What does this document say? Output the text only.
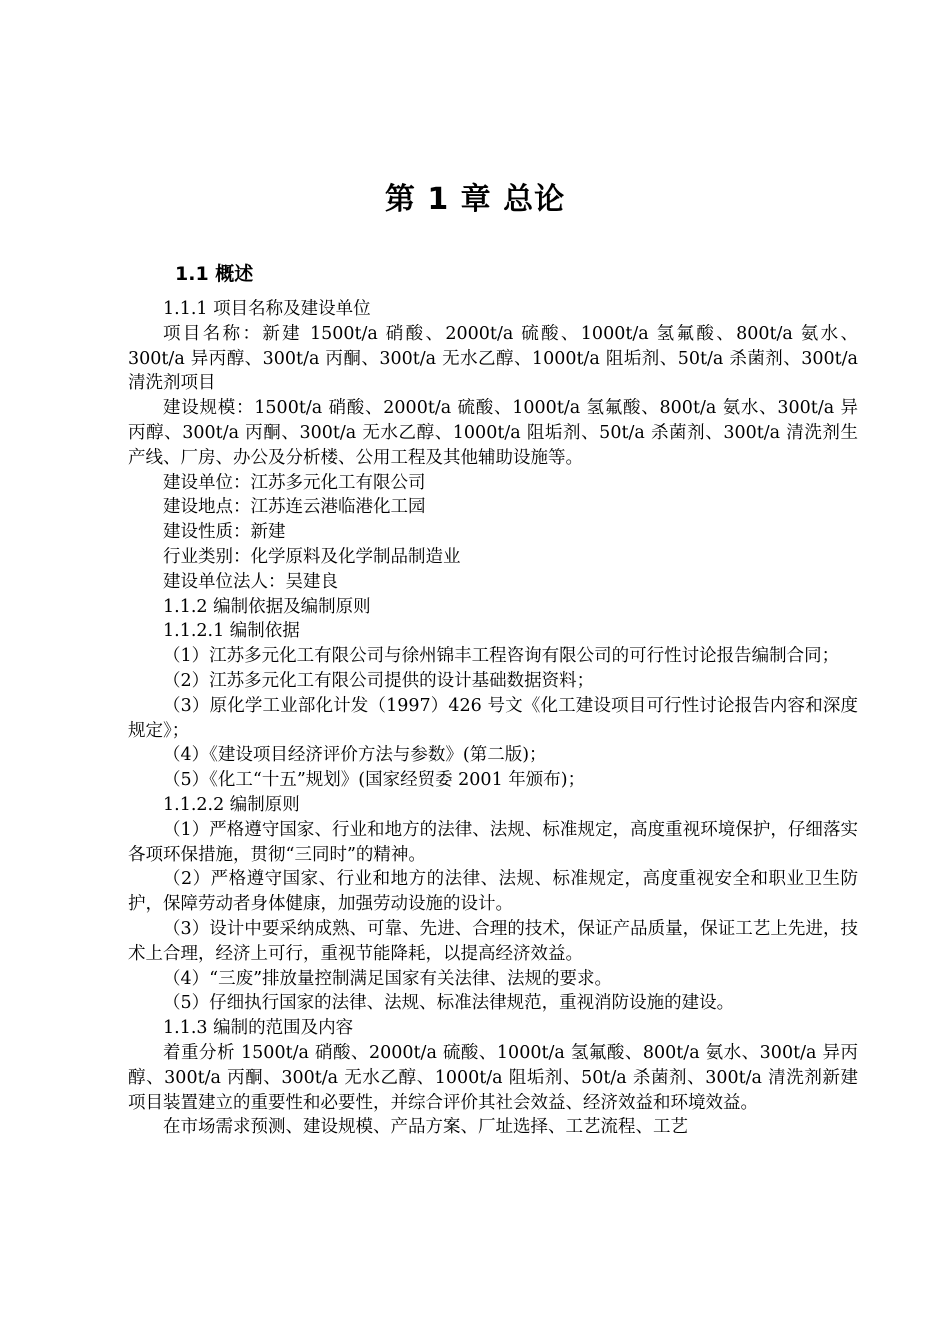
第 1 章 总论
1.1 概述

1.1.1 项目名称及建设单位

项目名称：新建 1500t/a 硝酸、2000t/a 硫酸、1000t/a 氢氟酸、800t/a 氨水、300t/a 异丙醇、300t/a 丙酮、300t/a 无水乙醇、1000t/a 阻垢剂、50t/a 杀菌剂、300t/a 清洗剂项目

建设规模：1500t/a 硝酸、2000t/a 硫酸、1000t/a 氢氟酸、800t/a 氨水、300t/a 异丙醇、300t/a 丙酮、300t/a 无水乙醇、1000t/a 阻垢剂、50t/a 杀菌剂、300t/a 清洗剂生产线、厂房、办公及分析楼、公用工程及其他辅助设施等。

建设单位：江苏多元化工有限公司

建设地点：江苏连云港临港化工园

建设性质：新建

行业类别：化学原料及化学制品制造业

建设单位法人：吴建良

1.1.2 编制依据及编制原则

1.1.2.1 编制依据

（1）江苏多元化工有限公司与徐州锦丰工程咨询有限公司的可行性讨论报告编制合同；

（2）江苏多元化工有限公司提供的设计基础数据资料；

（3）原化学工业部化计发（1997）426 号文《化工建设项目可行性讨论报告内容和深度规定》；

（4）《建设项目经济评价方法与参数》(第二版)；

（5）《化工“十五”规划》(国家经贸委 2001 年颁布)；

1.1.2.2 编制原则

（1）严格遵守国家、行业和地方的法律、法规、标准规定，高度重视环境保护，仔细落实各项环保措施，贯彻“三同时”的精神。

（2）严格遵守国家、行业和地方的法律、法规、标准规定，高度重视安全和职业卫生防护，保障劳动者身体健康，加强劳动设施的设计。

（3）设计中要采纳成熟、可靠、先进、合理的技术，保证产品质量，保证工艺上先进，技术上合理，经济上可行，重视节能降耗，以提高经济效益。

（4）“三废”排放量控制满足国家有关法律、法规的要求。

（5）仔细执行国家的法律、法规、标准法律规范，重视消防设施的建设。

1.1.3 编制的范围及内容

着重分析 1500t/a 硝酸、2000t/a 硫酸、1000t/a 氢氟酸、800t/a 氨水、300t/a 异丙醇、300t/a 丙酮、300t/a 无水乙醇、1000t/a 阻垢剂、50t/a 杀菌剂、300t/a 清洗剂新建项目装置建立的重要性和必要性，并综合评价其社会效益、经济效益和环境效益。

在市场需求预测、建设规模、产品方案、厂址选择、工艺流程、工艺
